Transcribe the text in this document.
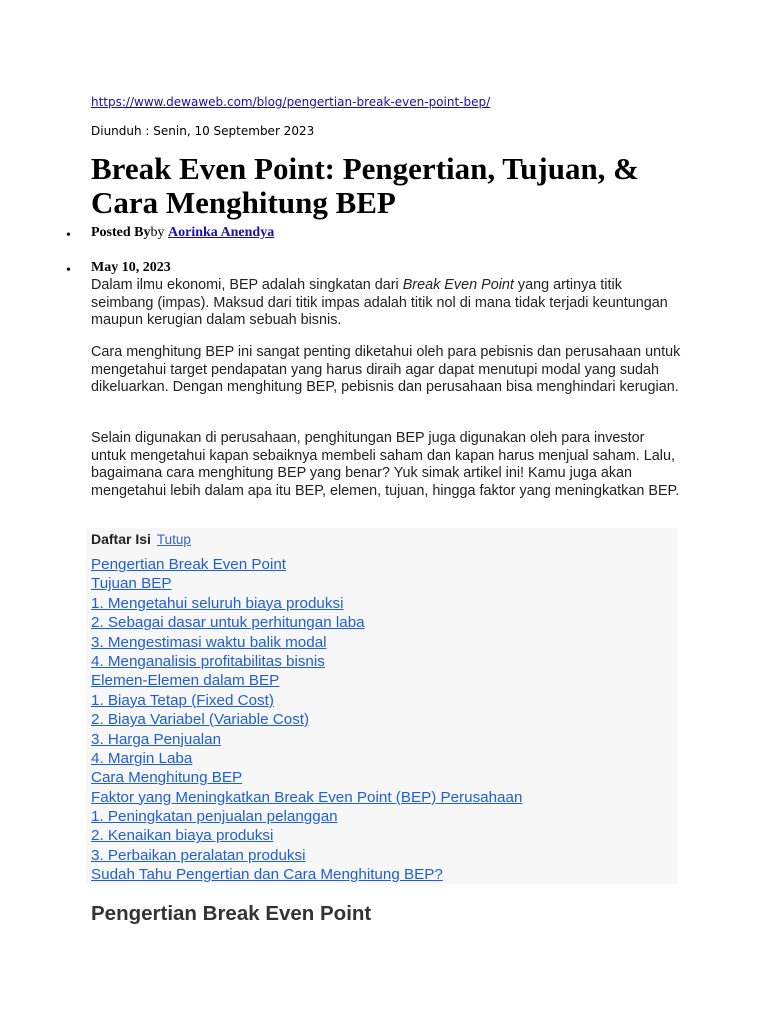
https://www.dewaweb.com/blog/pengertian-break-even-point-bep/
Diunduh : Senin, 10 September 2023
Break Even Point: Pengertian, Tujuan, & Cara Menghitung BEP
• Posted Byby Aorinka Anendya
• May 10, 2023

Dalam ilmu ekonomi, BEP adalah singkatan dari Break Even Point yang artinya titik seimbang (impas). Maksud dari titik impas adalah titik nol di mana tidak terjadi keuntungan maupun kerugian dalam sebuah bisnis.

Cara menghitung BEP ini sangat penting diketahui oleh para pebisnis dan perusahaan untuk mengetahui target pendapatan yang harus diraih agar dapat menutupi modal yang sudah dikeluarkan. Dengan menghitung BEP, pebisnis dan perusahaan bisa menghindari kerugian.

Selain digunakan di perusahaan, penghitungan BEP juga digunakan oleh para investor untuk mengetahui kapan sebaiknya membeli saham dan kapan harus menjual saham. Lalu, bagaimana cara menghitung BEP yang benar? Yuk simak artikel ini! Kamu juga akan mengetahui lebih dalam apa itu BEP, elemen, tujuan, hingga faktor yang meningkatkan BEP.

Daftar Isi Tutup
Pengertian Break Even Point
Tujuan BEP
1. Mengetahui seluruh biaya produksi
2. Sebagai dasar untuk perhitungan laba
3. Mengestimasi waktu balik modal
4. Menganalisis profitabilitas bisnis
Elemen-Elemen dalam BEP
1. Biaya Tetap (Fixed Cost)
2. Biaya Variabel (Variable Cost)
3. Harga Penjualan
4. Margin Laba
Cara Menghitung BEP
Faktor yang Meningkatkan Break Even Point (BEP) Perusahaan
1. Peningkatan penjualan pelanggan
2. Kenaikan biaya produksi
3. Perbaikan peralatan produksi
Sudah Tahu Pengertian dan Cara Menghitung BEP?
Pengertian Break Even Point
